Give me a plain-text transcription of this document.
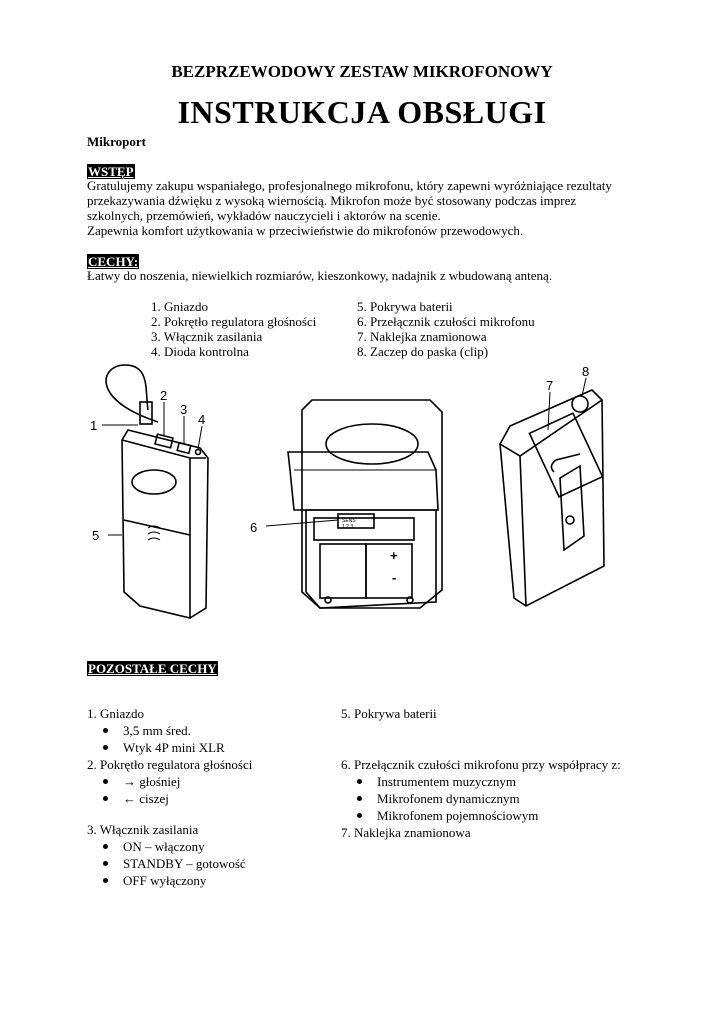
BEZPRZEWODOWY ZESTAW MIKROFONOWY
INSTRUKCJA OBSŁUGI
Mikroport
WSTĘP
Gratulujemy zakupu wspaniałego, profesjonalnego mikrofonu, który zapewni wyróżniające rezultaty
przekazywania dźwięku z wysoką wiernością. Mikrofon może być stosowany podczas imprez
szkolnych, przemówień, wykładów nauczycieli i aktorów na scenie.
Zapewnia komfort użytkowania w przeciwieństwie do mikrofonów przewodowych.
CECHY:
Łatwy do noszenia, niewielkich rozmiarów, kieszonkowy, nadajnik z wbudowaną anteną.
1. Gniazdo
2. Pokrętło regulatora głośności
3. Włącznik zasilania
4. Dioda kontrolna
5. Pokrywa baterii
6. Przełącznik czułości mikrofonu
7. Naklejka znamionowa
8. Zaczep do paska (clip)
1
2
3
4
5
SENS
1 2 3
+
-
6
7
8
POZOSTAŁE CECHY
1. Gniazdo
3,5 mm śred.
Wtyk 4P mini XLR
2. Pokrętło regulatora głośności
→ głośniej
← ciszej
3. Włącznik zasilania
ON – włączony
STANDBY – gotowość
OFF wyłączony
5. Pokrywa baterii
6. Przełącznik czułości mikrofonu przy współpracy z:
Instrumentem muzycznym
Mikrofonem dynamicznym
Mikrofonem pojemnościowym
7. Naklejka znamionowa
